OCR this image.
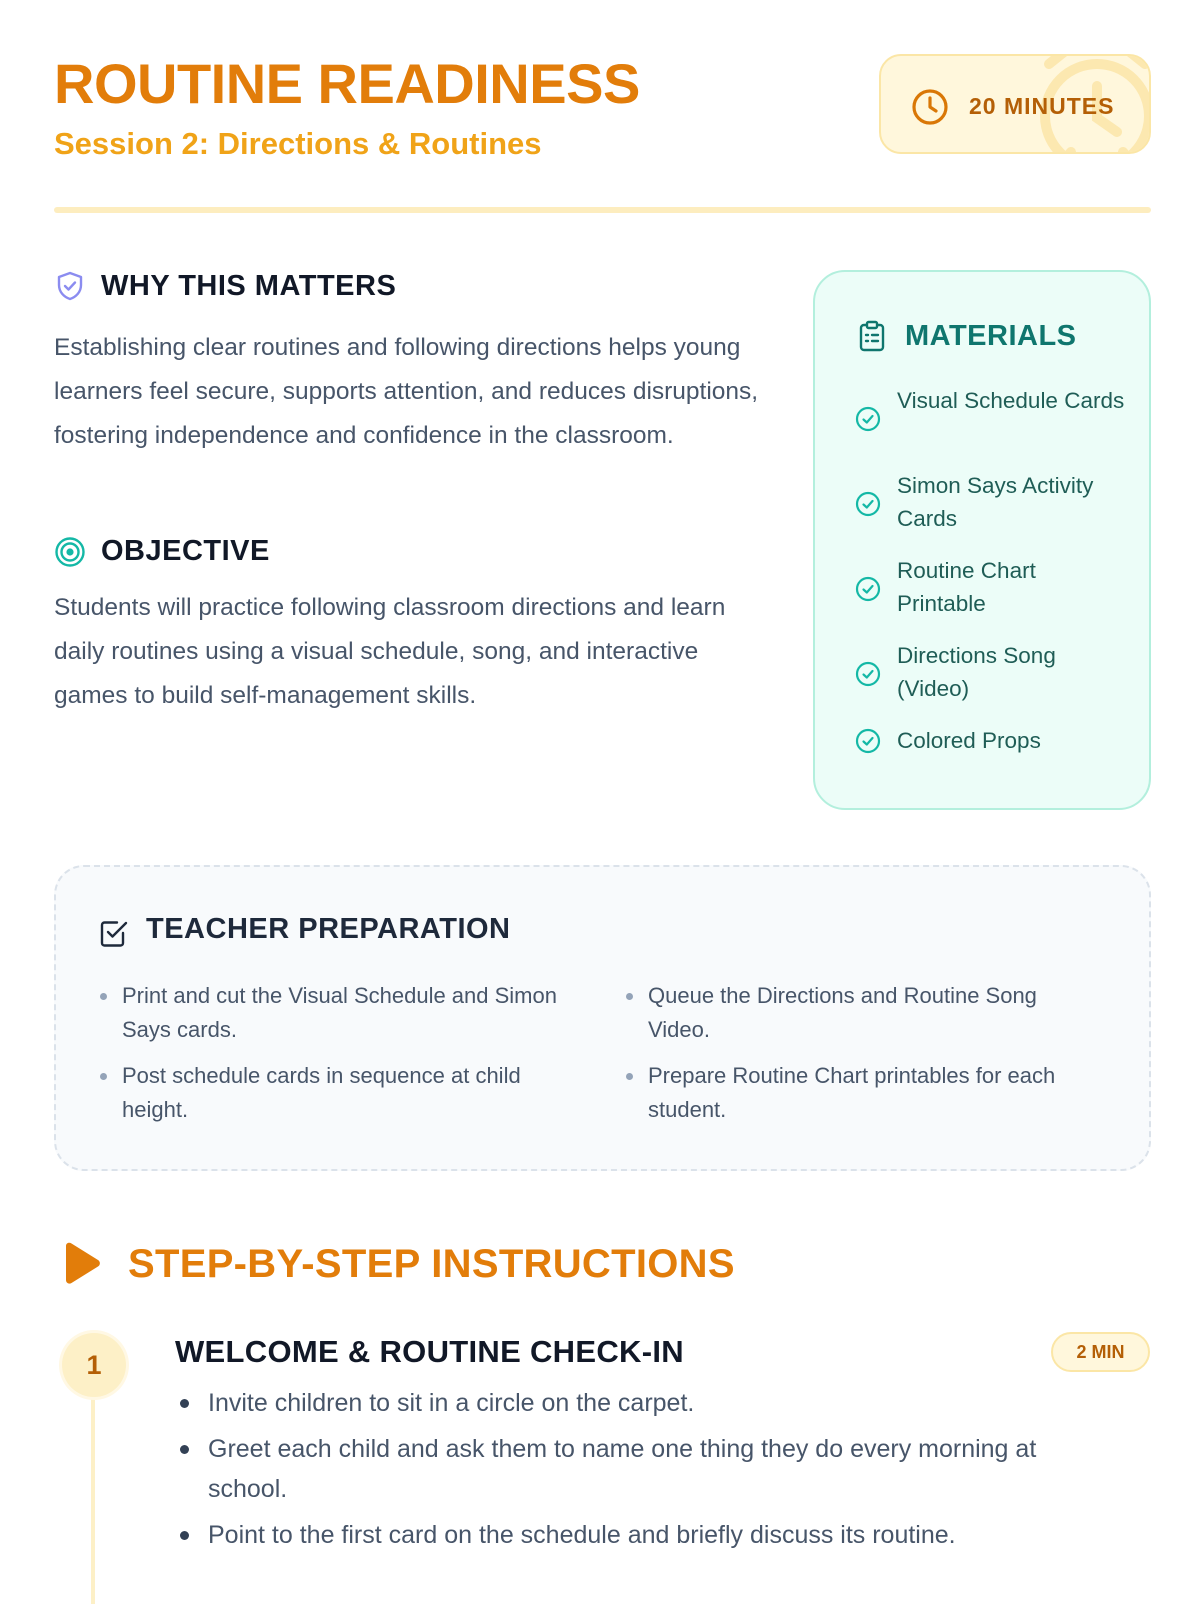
ROUTINE READINESS
Session 2: Directions & Routines
20 MINUTES
WHY THIS MATTERS

Establishing clear routines and following directions helps young learners feel secure, supports attention, and reduces disruptions, fostering independence and confidence in the classroom.

OBJECTIVE

Students will practice following classroom directions and learn daily routines using a visual schedule, song, and interactive games to build self-management skills.

MATERIALS
Visual Schedule Cards
Simon Says Activity Cards
Routine Chart Printable
Directions Song (Video)
Colored Props
TEACHER PREPARATION
Print and cut the Visual Schedule and Simon Says cards.
Queue the Directions and Routine Song Video.
Post schedule cards in sequence at child height.
Prepare Routine Chart printables for each student.
STEP-BY-STEP INSTRUCTIONS
1	WELCOME & ROUTINE CHECK-IN	2 MIN
Invite children to sit in a circle on the carpet.
Greet each child and ask them to name one thing they do every morning at school.
Point to the first card on the schedule and briefly discuss its routine.
